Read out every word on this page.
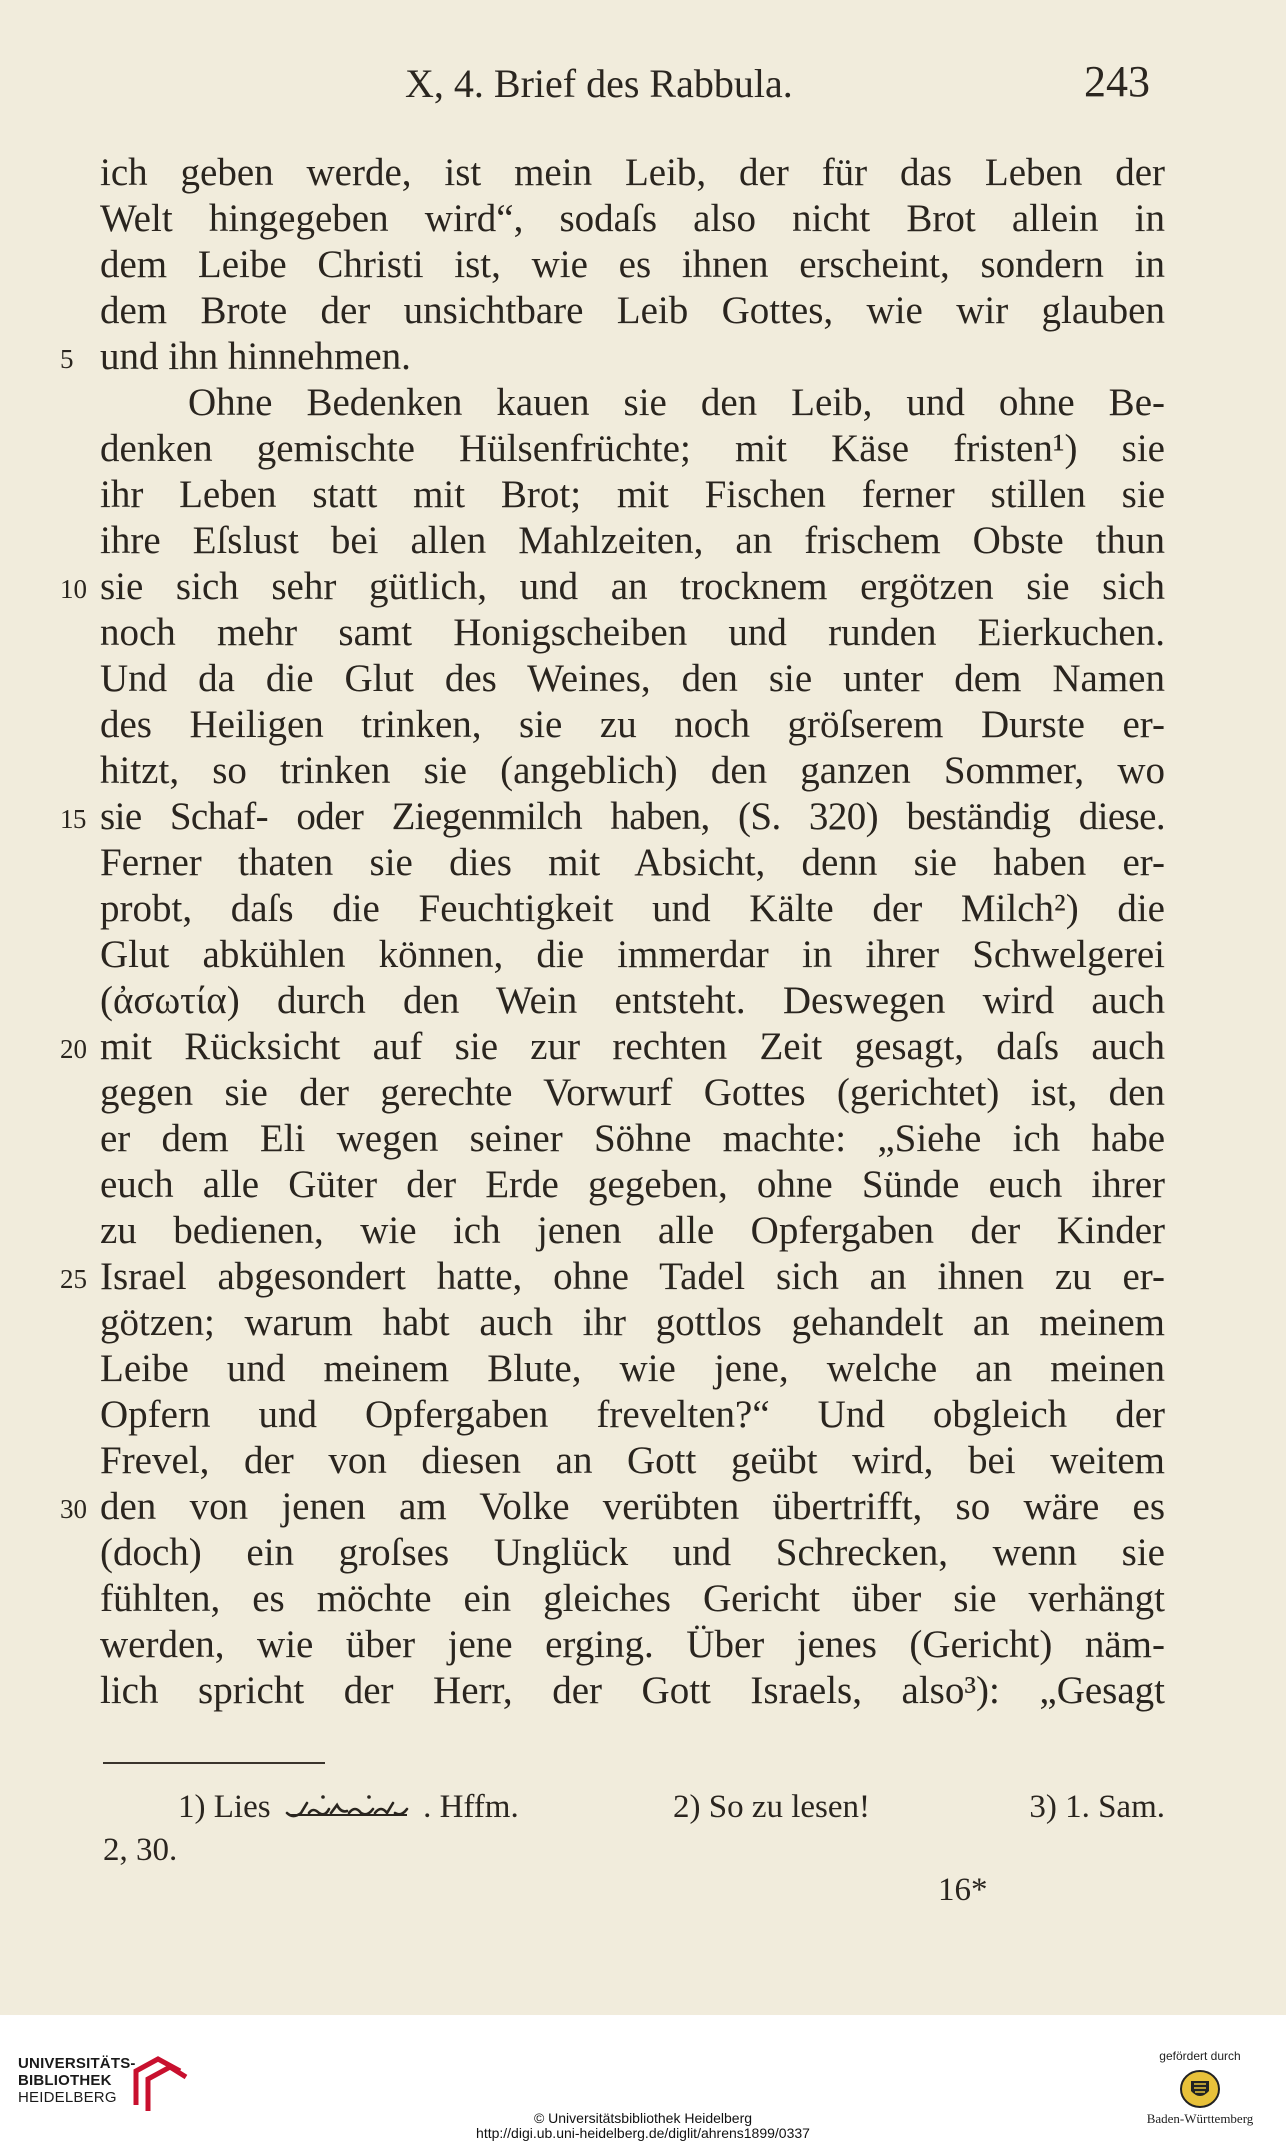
X, 4. Brief des Rabbula.	243
ich geben werde, ist mein Leib, der für das Leben der
Welt hingegeben wird“, sodaſs also nicht Brot allein in
dem Leibe Christi ist, wie es ihnen erscheint, sondern in
dem Brote der unsichtbare Leib Gottes, wie wir glauben
5 und ihn hinnehmen.
Ohne Bedenken kauen sie den Leib, und ohne Be-
denken gemischte Hülsenfrüchte; mit Käse fristen¹) sie
ihr Leben statt mit Brot; mit Fischen ferner stillen sie
ihre Eſslust bei allen Mahlzeiten, an frischem Obste thun
10 sie sich sehr gütlich, und an trocknem ergötzen sie sich
noch mehr samt Honigscheiben und runden Eierkuchen.
Und da die Glut des Weines, den sie unter dem Namen
des Heiligen trinken, sie zu noch gröſserem Durste er-
hitzt, so trinken sie (angeblich) den ganzen Sommer, wo
15 sie Schaf- oder Ziegenmilch haben, (S. 320) beständig diese.
Ferner thaten sie dies mit Absicht, denn sie haben er-
probt, daſs die Feuchtigkeit und Kälte der Milch²) die
Glut abkühlen können, die immerdar in ihrer Schwelgerei
(ἀσωτία) durch den Wein entsteht. Deswegen wird auch
20 mit Rücksicht auf sie zur rechten Zeit gesagt, daſs auch
gegen sie der gerechte Vorwurf Gottes (gerichtet) ist, den
er dem Eli wegen seiner Söhne machte: „Siehe ich habe
euch alle Güter der Erde gegeben, ohne Sünde euch ihrer
zu bedienen, wie ich jenen alle Opfergaben der Kinder
25 Israel abgesondert hatte, ohne Tadel sich an ihnen zu er-
götzen; warum habt auch ihr gottlos gehandelt an meinem
Leibe und meinem Blute, wie jene, welche an meinen
Opfern und Opfergaben frevelten?“ Und obgleich der
Frevel, der von diesen an Gott geübt wird, bei weitem
30 den von jenen am Volke verübten übertrifft, so wäre es
(doch) ein groſses Unglück und Schrecken, wenn sie
fühlten, es möchte ein gleiches Gericht über sie verhängt
werden, wie über jene erging. Über jenes (Gericht) näm-
lich spricht der Herr, der Gott Israels, also³): „Gesagt
1) Lies	. Hffm.	2) So zu lesen!	3) 1. Sam.
2, 30.
16*
UNIVERSITÄTS-
BIBLIOTHEK
HEIDELBERG
© Universitätsbibliothek Heidelberg
http://digi.ub.uni-heidelberg.de/diglit/ahrens1899/0337
gefördert durch
Baden-Württemberg
